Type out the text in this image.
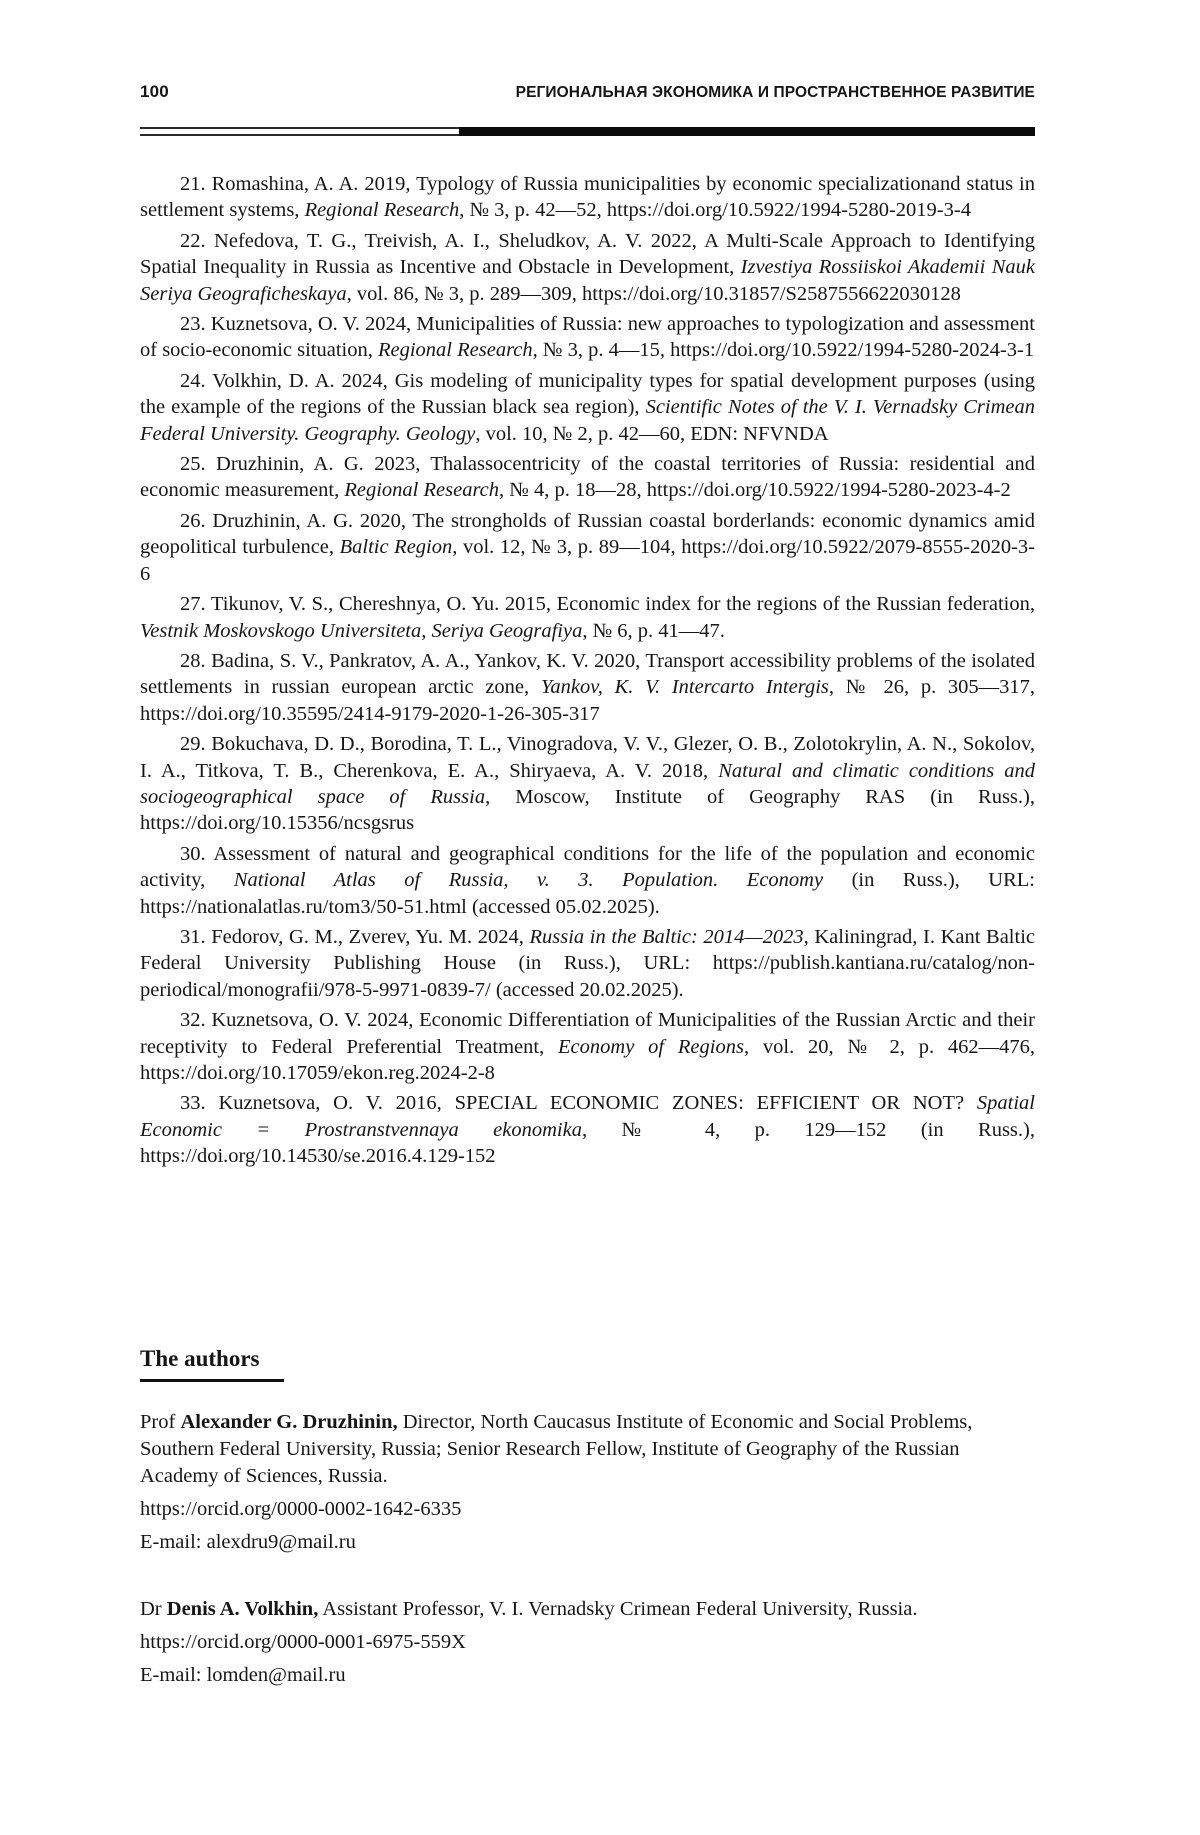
100	РЕГИОНАЛЬНАЯ ЭКОНОМИКА И ПРОСТРАНСТВЕННОЕ РАЗВИТИЕ

21. Romashina, A. A. 2019, Typology of Russia municipalities by economic specializationand status in settlement systems, Regional Research, № 3, p. 42—52, https://doi.org/10.5922/1994-5280-2019-3-4

22. Nefedova, T. G., Treivish, A. I., Sheludkov, A. V. 2022, A Multi-Scale Approach to Identifying Spatial Inequality in Russia as Incentive and Obstacle in Development, Izvestiya Rossiiskoi Akademii Nauk Seriya Geograficheskaya, vol. 86, № 3, p. 289—309, https://doi.org/10.31857/S2587556622030128

23. Kuznetsova, O. V. 2024, Municipalities of Russia: new approaches to typologization and assessment of socio-economic situation, Regional Research, № 3, p. 4—15, https://doi.org/10.5922/1994-5280-2024-3-1

24. Volkhin, D. A. 2024, Gis modeling of municipality types for spatial development purposes (using the example of the regions of the Russian black sea region), Scientific Notes of the V. I. Vernadsky Crimean Federal University. Geography. Geology, vol. 10, № 2, p. 42—60, EDN: NFVNDA

25. Druzhinin, A. G. 2023, Thalassocentricity of the coastal territories of Russia: residential and economic measurement, Regional Research, № 4, p. 18—28, https://doi.org/10.5922/1994-5280-2023-4-2

26. Druzhinin, A. G. 2020, The strongholds of Russian coastal borderlands: economic dynamics amid geopolitical turbulence, Baltic Region, vol. 12, № 3, p. 89—104, https://doi.org/10.5922/2079-8555-2020-3-6

27. Tikunov, V. S., Chereshnya, O. Yu. 2015, Economic index for the regions of the Russian federation, Vestnik Moskovskogo Universiteta, Seriya Geografiya, № 6, p. 41—47.

28. Badina, S. V., Pankratov, A. A., Yankov, K. V. 2020, Transport accessibility problems of the isolated settlements in russian european arctic zone, Yankov, K. V. Intercarto Intergis, № 26, p. 305—317, https://doi.org/10.35595/2414-9179-2020-1-26-305-317

29. Bokuchava, D. D., Borodina, T. L., Vinogradova, V. V., Glezer, O. B., Zolotokrylin, A. N., Sokolov, I. A., Titkova, T. B., Cherenkova, E. A., Shiryaeva, A. V. 2018, Natural and climatic conditions and sociogeographical space of Russia, Moscow, Institute of Geography RAS (in Russ.), https://doi.org/10.15356/ncsgsrus

30. Assessment of natural and geographical conditions for the life of the population and economic activity, National Atlas of Russia, v. 3. Population. Economy (in Russ.), URL: https://nationalatlas.ru/tom3/50-51.html (accessed 05.02.2025).

31. Fedorov, G. M., Zverev, Yu. M. 2024, Russia in the Baltic: 2014—2023, Kaliningrad, I. Kant Baltic Federal University Publishing House (in Russ.), URL: https://publish.kantiana.ru/catalog/non-periodical/monografii/978-5-9971-0839-7/ (accessed 20.02.2025).

32. Kuznetsova, O. V. 2024, Economic Differentiation of Municipalities of the Russian Arctic and their receptivity to Federal Preferential Treatment, Economy of Regions, vol. 20, № 2, p. 462—476, https://doi.org/10.17059/ekon.reg.2024-2-8

33. Kuznetsova, O. V. 2016, SPECIAL ECONOMIC ZONES: EFFICIENT OR NOT? Spatial Economic = Prostranstvennaya ekonomika, № 4, p. 129—152 (in Russ.), https://doi.org/10.14530/se.2016.4.129-152

The authors

Prof Alexander G. Druzhinin, Director, North Caucasus Institute of Economic and Social Problems, Southern Federal University, Russia; Senior Research Fellow, Institute of Geography of the Russian Academy of Sciences, Russia.

https://orcid.org/0000-0002-1642-6335
E-mail: alexdru9@mail.ru

Dr Denis A. Volkhin, Assistant Professor, V. I. Vernadsky Crimean Federal University, Russia.

https://orcid.org/0000-0001-6975-559X
E-mail: lomden@mail.ru
